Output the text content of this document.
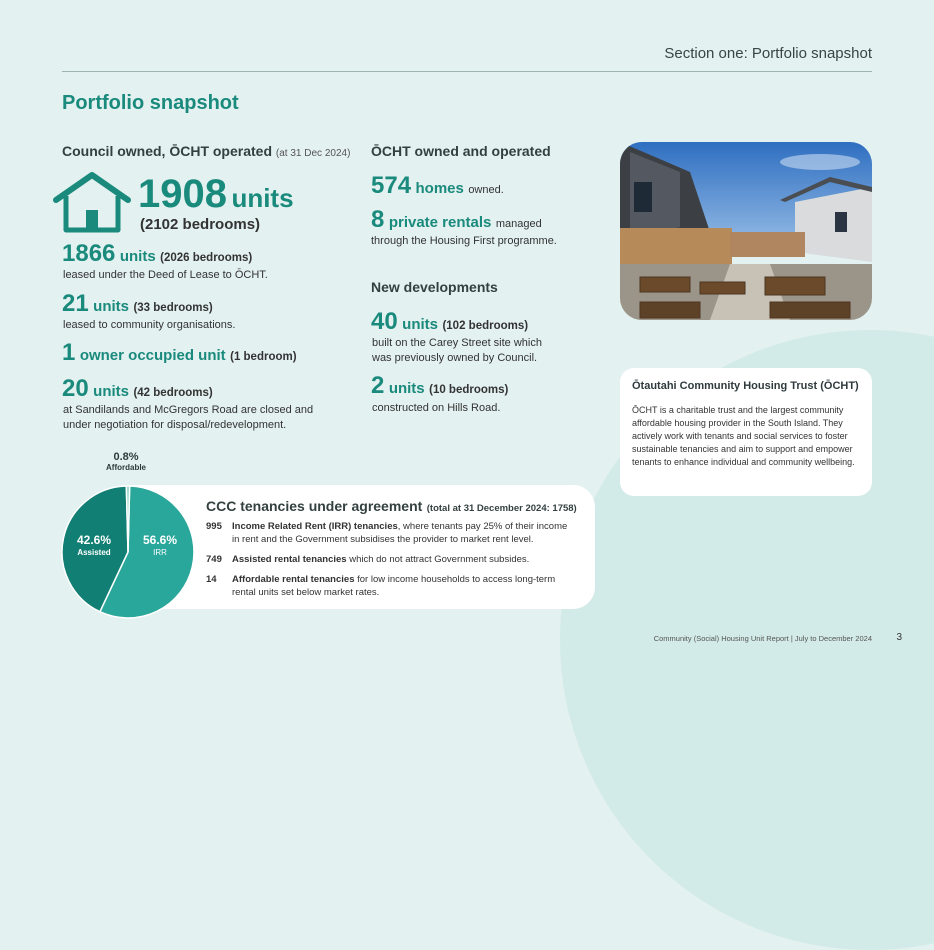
Section one: Portfolio snapshot
Portfolio snapshot
Council owned, ŌCHT operated (at 31 Dec 2024)
1908 units
(2102 bedrooms)
1866 units (2026 bedrooms)
leased under the Deed of Lease to ŌCHT.
21 units (33 bedrooms)
leased to community organisations.
1 owner occupied unit (1 bedroom)
20 units (42 bedrooms)
at Sandilands and McGregors Road are closed and under negotiation for disposal/redevelopment.
ŌCHT owned and operated
574 homes owned.
8 private rentals managed
through the Housing First programme.
New developments
40 units (102 bedrooms)
built on the Carey Street site which was previously owned by Council.
2 units (10 bedrooms)
constructed on Hills Road.
Ōtautahi Community Housing Trust (ŌCHT)
ŌCHT is a charitable trust and the largest community affordable housing provider in the South Island. They actively work with tenants and social services to foster sustainable tenancies and aim to support and empower tenants to enhance individual and community wellbeing.
CCC tenancies under agreement (total at 31 December 2024: 1758)
995 Income Related Rent (IRR) tenancies, where tenants pay 25% of their income in rent and the Government subsidises the provider to market rent level.
749 Assisted rental tenancies which do not attract Government subsides.
14	Affordable rental tenancies for low income households to access long-term rental units set below market rates.
56.6%
IRR
42.6%
Assisted
0.8%
Affordable
Community (Social) Housing Unit Report | July to December 2024 3
